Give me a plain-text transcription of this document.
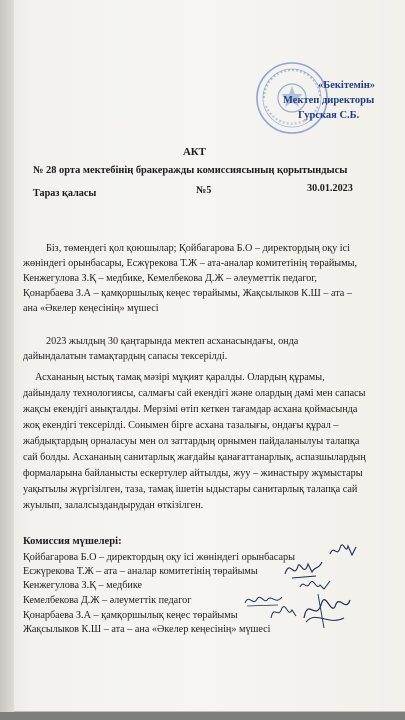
«Бекітемін»
Мектеп директоры
Гурская С.Б.
АКТ
№ 28 орта мектебінің бракеражды комиссиясының қорытындысы
Тараз қаласы	№5	30.01.2023
Біз, төмендегі қол қоюшылар; Қойбагарова Б.О – директордың оқу ісі
жөніндегі орынбасары, Есжүрекова Т.Ж – ата-аналар комитетінің төрайымы,
Кенжегулова З.Қ – медбике, Кемелбекова Д.Ж – әлеуметтік педагог,
Қонарбаева З.А – қамқоршылық кеңес төрайымы, Жақсылыков К.Ш – ата –
ана «Әкелер кеңесінің» мүшесі
2023 жылдың 30 қаңтарында мектеп асханасындағы, онда
дайындалатын тамақтардың сапасы тексерілді.
Асхананың ыстық тамақ мәзірі мұқият қаралды. Олардың құрамы,
дайындалу технологиясы, салмағы сай екендігі және олардың дәмі мен сапасы
жақсы екендігі анықталды. Мерзімі өтіп кеткен тағамдар асхана қоймасында
жоқ екендігі тексерілді. Сонымен бірге асхана тазалығы, ондағы құрал –
жабдықтардың орналасуы мен ол заттардың орнымен пайдаланылуы талапқа
сай болды. Асхананың санитарлық жағдайы қанағаттанарлық, аспазшылардың
формаларына байланысты ескертулер айтылды, жуу – жинастыру жұмыстары
уақытылы жүргізілген, таза, тамақ ішетін ыдыстары санитарлық талапқа сай
жуылып, залалсыздандырудан өткізілген.
Комиссия мүшелері:
Қойбагарова Б.О – директордың оқу ісі жөніндегі орынбасары
Есжүрекова Т.Ж – ата – аналар комитетінің төрайымы
Кенжегулова З.Қ – медбике
Кемелбекова Д.Ж – әлеуметтік педагог
Қонарбаева З.А – қамқоршылық кеңес төрайымы
Жақсылыков К.Ш – ата – ана «Әкелер кеңесінің» мүшесі
